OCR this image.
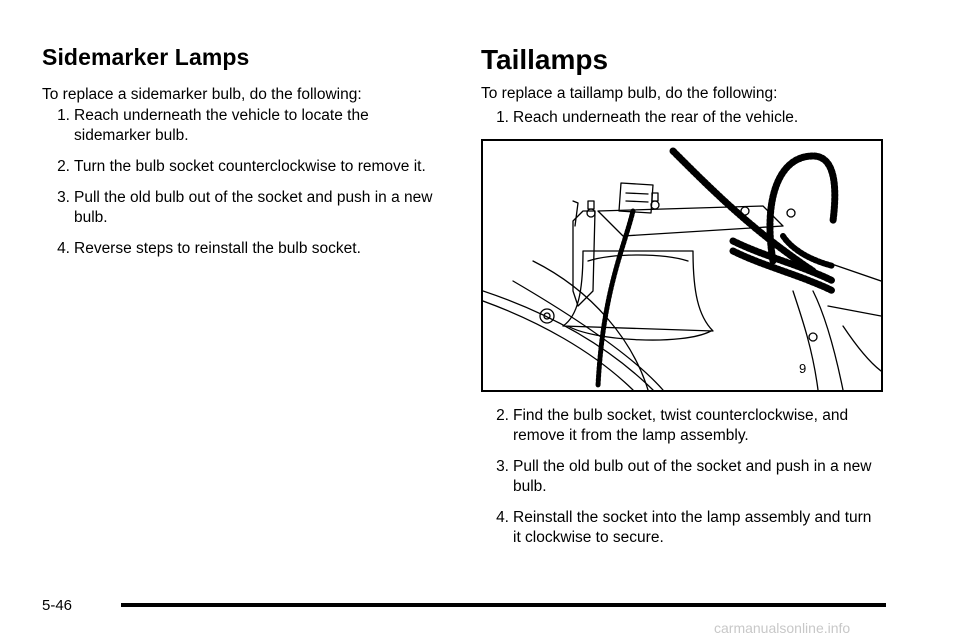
Sidemarker Lamps

To replace a sidemarker bulb, do the following:

1. Reach underneath the vehicle to locate the sidemarker bulb.
2. Turn the bulb socket counterclockwise to remove it.
3. Pull the old bulb out of the socket and push in a new bulb.
4. Reverse steps to reinstall the bulb socket.
Taillamps

To replace a taillamp bulb, do the following:

1. Reach underneath the rear of the vehicle.
9
2. Find the bulb socket, twist counterclockwise, and remove it from the lamp assembly.
3. Pull the old bulb out of the socket and push in a new bulb.
4. Reinstall the socket into the lamp assembly and turn it clockwise to secure.
5-46
carmanualsonline.info
